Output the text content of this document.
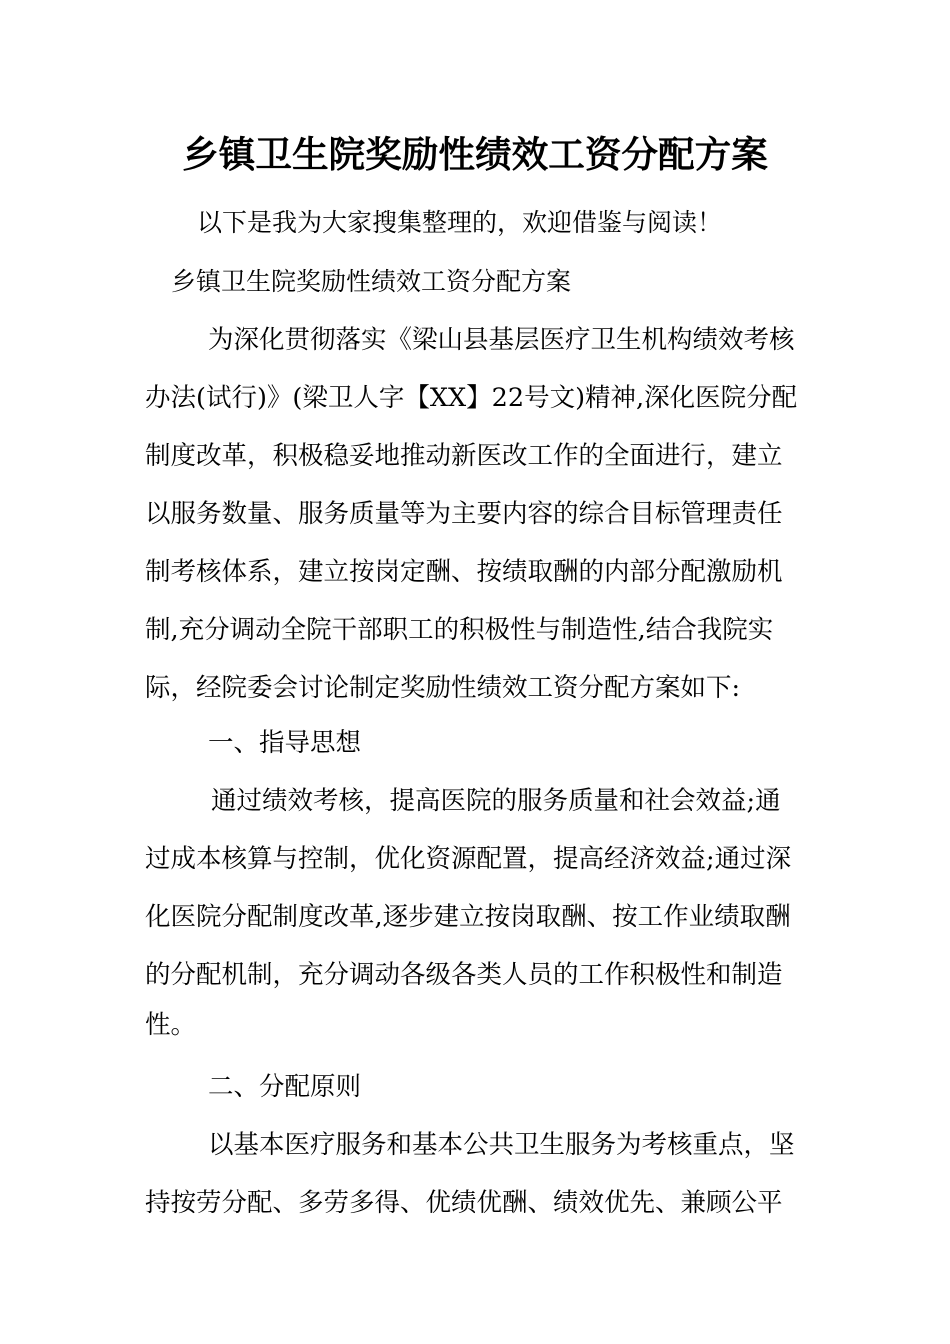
乡镇卫生院奖励性绩效工资分配方案
以下是我为大家搜集整理的，欢迎借鉴与阅读！
乡镇卫生院奖励性绩效工资分配方案
为深化贯彻落实《梁山县基层医疗卫生机构绩效考核
办法(试行)》(梁卫人字【XX】22号文)精神,深化医院分配
制度改革，积极稳妥地推动新医改工作的全面进行，建立
以服务数量、服务质量等为主要内容的综合目标管理责任
制考核体系，建立按岗定酬、按绩取酬的内部分配激励机
制,充分调动全院干部职工的积极性与制造性,结合我院实
际，经院委会讨论制定奖励性绩效工资分配方案如下:
一、指导思想
通过绩效考核，提高医院的服务质量和社会效益;通
过成本核算与控制，优化资源配置，提高经济效益;通过深
化医院分配制度改革,逐步建立按岗取酬、按工作业绩取酬
的分配机制，充分调动各级各类人员的工作积极性和制造
性。
二、分配原则
以基本医疗服务和基本公共卫生服务为考核重点，坚
持按劳分配、多劳多得、优绩优酬、绩效优先、兼顾公平
